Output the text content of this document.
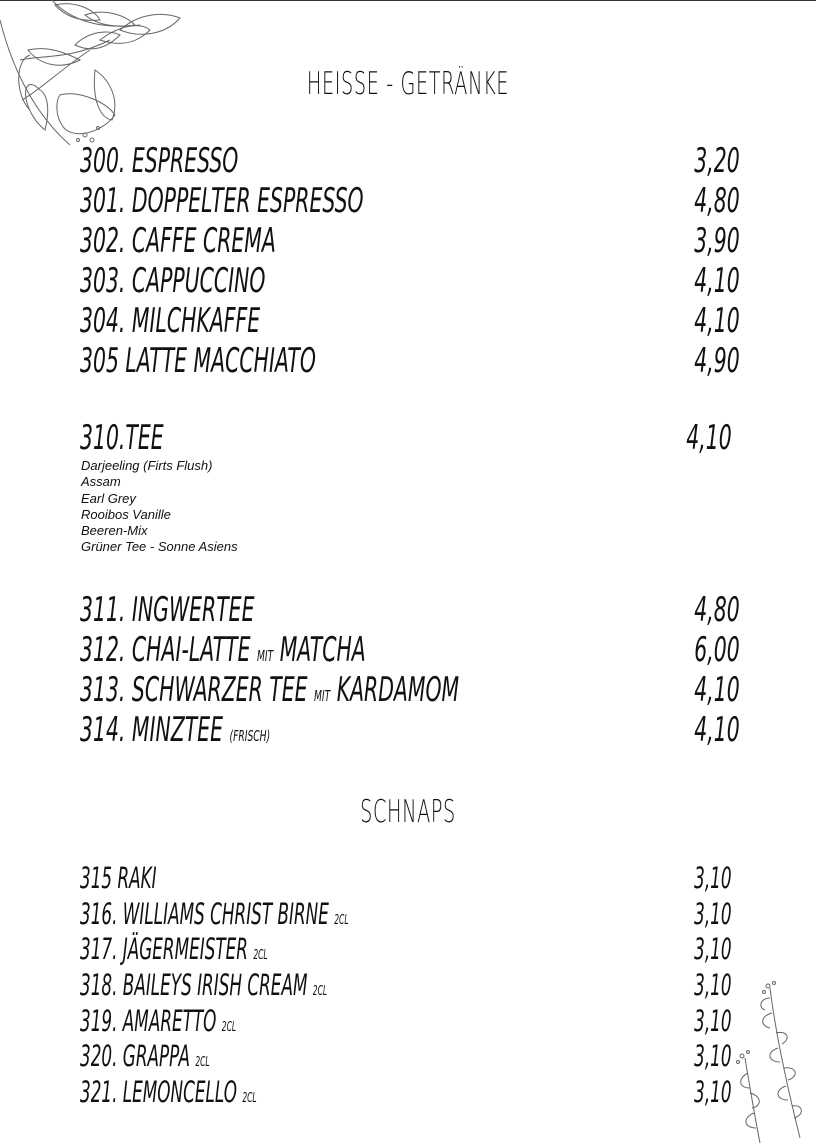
HEISSE - GETRÄNKE
300. ESPRESSO	3,20
301. DOPPELTER ESPRESSO	4,80
302. CAFFE CREMA	3,90
303. CAPPUCCINO	4,10
304. MILCHKAFFE	4,10
305 LATTE MACCHIATO	4,90
310.TEE	4,10
Darjeeling (Firts Flush)
Assam
Earl Grey
Rooibos Vanille
Beeren-Mix
Grüner Tee - Sonne Asiens
311. INGWERTEE	4,80
312. CHAI-LATTE MIT MATCHA	6,00
313. SCHWARZER TEE MIT KARDAMOM	4,10
314. MINZTEE (FRISCH)	4,10
SCHNAPS
315 RAKI	3,10
316. WILLIAMS CHRIST BIRNE 2CL	3,10
317. JÄGERMEISTER 2CL	3,10
318. BAILEYS IRISH CREAM 2CL	3,10
319. AMARETTO 2CL	3,10
320. GRAPPA 2CL	3,10
321. LEMONCELLO 2CL	3,10
